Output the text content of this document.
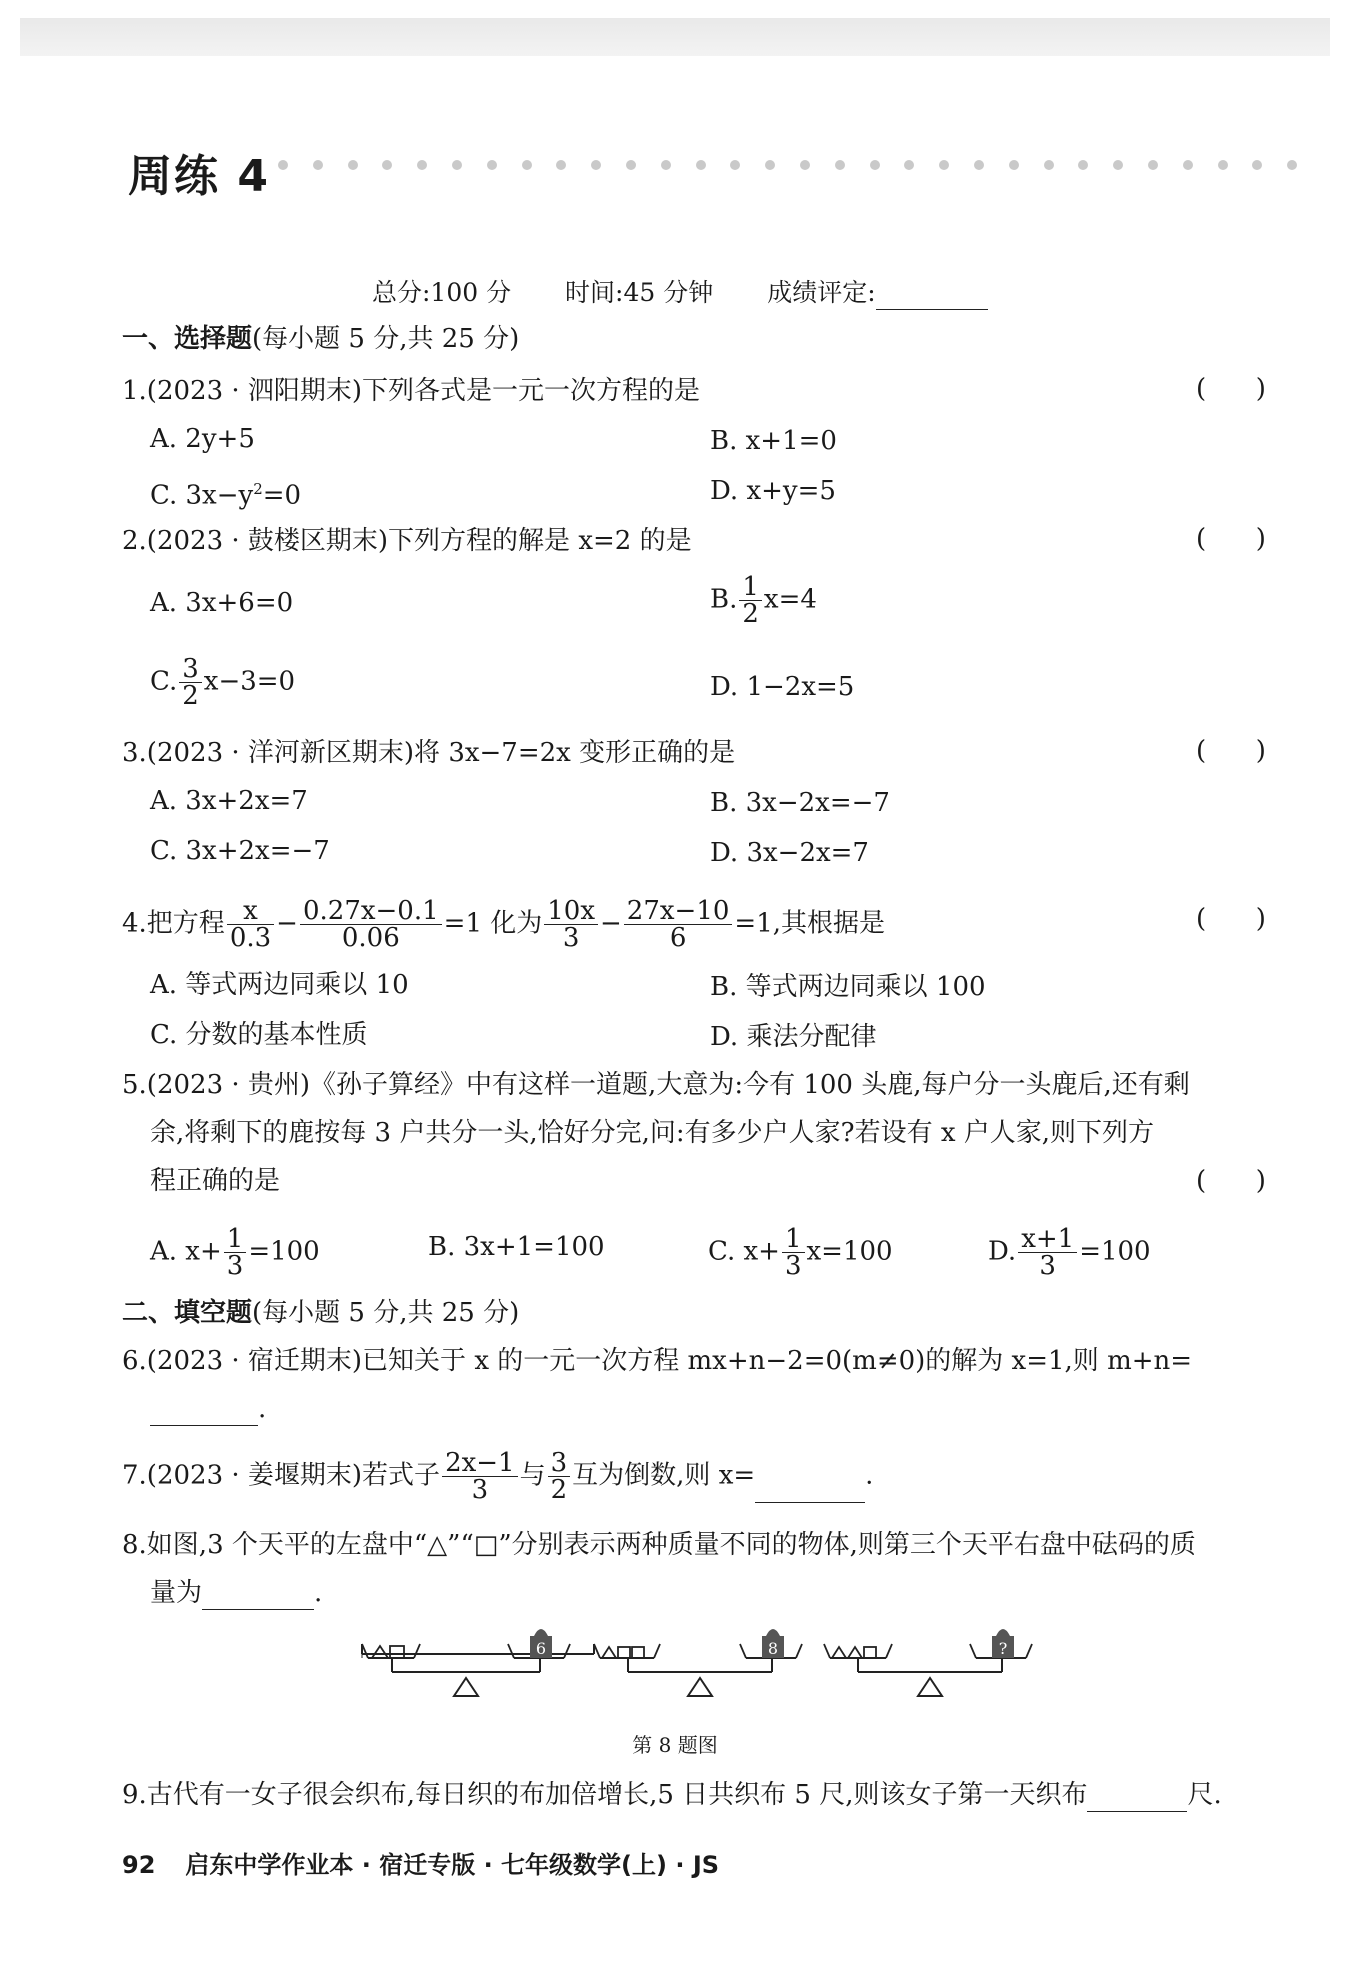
周练 4
总分:100 分 时间:45 分钟 成绩评定:
一、选择题(每小题 5 分,共 25 分)
1.(2023 · 泗阳期末)下列各式是一元一次方程的是	(      )
A. 2y+5	B. x+1=0
C. $3x-y^2=0$	D. x+y=5
2.(2023 · 鼓楼区期末)下列方程的解是 x=2 的是	(      )
A. 3x+6=0	B. $\frac{1}{2} x=4$
C. $\frac{3}{2} x-3=0$	D. 1−2x=5
3.(2023 · 洋河新区期末)将 3x−7=2x 变形正确的是	(      )
A. 3x+2x=7	B. 3x−2x=−7
C. 3x+2x=−7	D. 3x−2x=7
4.把方程 $\frac{x}{0.3} - \frac{0.27x-0.1}{0.06} =1$ 化为 $\frac{10x}{3} - \frac{27x-10}{6} =1$,其根据是	(      )
A. 等式两边同乘以 10	B. 等式两边同乘以 100
C. 分数的基本性质	D. 乘法分配律
5.(2023 · 贵州)《孙子算经》中有这样一道题,大意为:今有 100 头鹿,每户分一头鹿后,还有剩
余,将剩下的鹿按每 3 户共分一头,恰好分完,问:有多少户人家?若设有 x 户人家,则下列方
程正确的是	(      )
A. $x+ \frac{1}{3} =100$	B. 3x+1=100	C. $x+ \frac{1}{3} x=100$	D. $\frac{x+1}{3} =100$
二、填空题(每小题 5 分,共 25 分)
6.(2023 · 宿迁期末)已知关于 x 的一元一次方程 mx+n−2=0(m≠0)的解为 x=1,则 m+n=
.
7.(2023 · 姜堰期末)若式子 $\frac{2x-1}{3}$ 与 $\frac{3}{2}$ 互为倒数,则 x=	.
8.如图,3 个天平的左盘中“△”“□”分别表示两种质量不同的物体,则第三个天平右盘中砝码的质
量为	.
6	8	?
第 8 题图
9.古代有一女子很会织布,每日织的布加倍增长,5 日共织布 5 尺,则该女子第一天织布	尺.
92 启东中学作业本 · 宿迁专版 · 七年级数学(上) · JS
